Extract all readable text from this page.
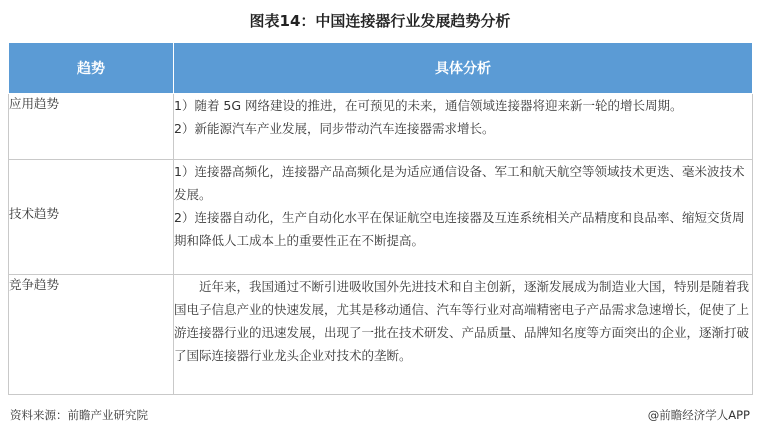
图表14：中国连接器行业发展趋势分析
趋势	具体分析
应用趋势	1）随着 5G 网络建设的推进，在可预见的未来，通信领域连接器将迎来新一轮的增长周期。

2）新能源汽车产业发展，同步带动汽车连接器需求增长。

技术趋势	1）连接器高频化，连接器产品高频化是为适应通信设备、军工和航天航空等领域技术更迭、毫米波技术发展。

2）连接器自动化，生产自动化水平在保证航空电连接器及互连系统相关产品精度和良品率、缩短交货周期和降低人工成本上的重要性正在不断提高。

竞争趋势	近年来，我国通过不断引进吸收国外先进技术和自主创新，逐渐发展成为制造业大国，特别是随着我国电子信息产业的快速发展，尤其是移动通信、汽车等行业对高端精密电子产品需求急速增长，促使了上游连接器行业的迅速发展，出现了一批在技术研发、产品质量、品牌知名度等方面突出的企业，逐渐打破了国际连接器行业龙头企业对技术的垄断。

资料来源：前瞻产业研究院	@前瞻经济学人APP
